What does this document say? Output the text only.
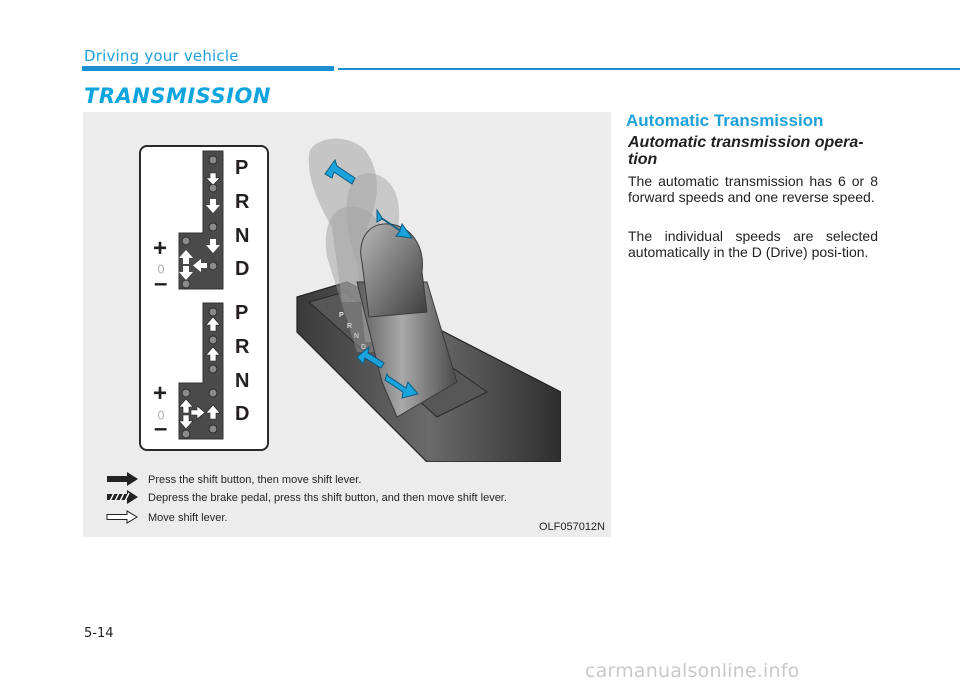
Driving your vehicle
TRANSMISSION
P
R
N
D
+
–
P
R
N
D
+
–
P
R
N
D
Press the shift button, then move shift lever.
Depress the brake pedal, press ths shift button, and then move shift lever.
Move shift lever.
OLF057012N
Automatic Transmission
Automatic transmission opera-
tion
The automatic transmission has 6 or 8 forward speeds and one reverse speed.
The individual speeds are selected automatically in the D (Drive) posi-tion.
5-14
carmanualsonline.info
